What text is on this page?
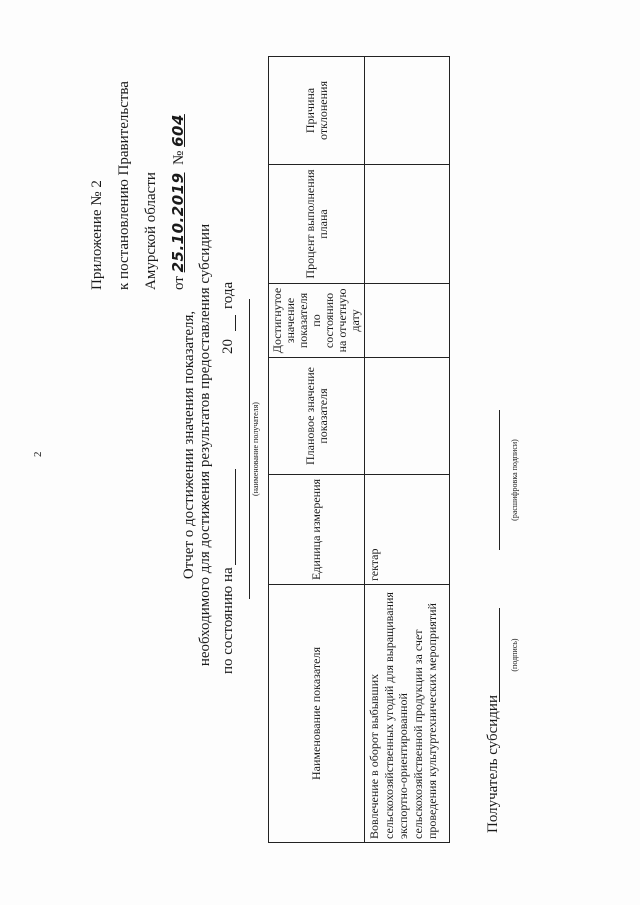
2
Приложение № 2 к постановлению Правительства Амурской области от 25.10.2019  № 604
Отчет о достижении значения показателя, необходимого для достижения результатов предоставления субсидии по состоянию на
20
года
(наименование получателя)
Наименование показателя	Единица измерения	Плановое значение показателя	Достигнутое значение показателя по состоянию на отчетную дату	Процент выполнения плана	Причина отклонения
Вовлечение в оборот выбывших сельскохозяйственных угодий для выращивания экспортно-ориентированной сельскохозяйственной продукции за счет проведения культуртехнических мероприятий	гектар				
Получатель субсидии
(подпись)
(расшифровка подписи)
